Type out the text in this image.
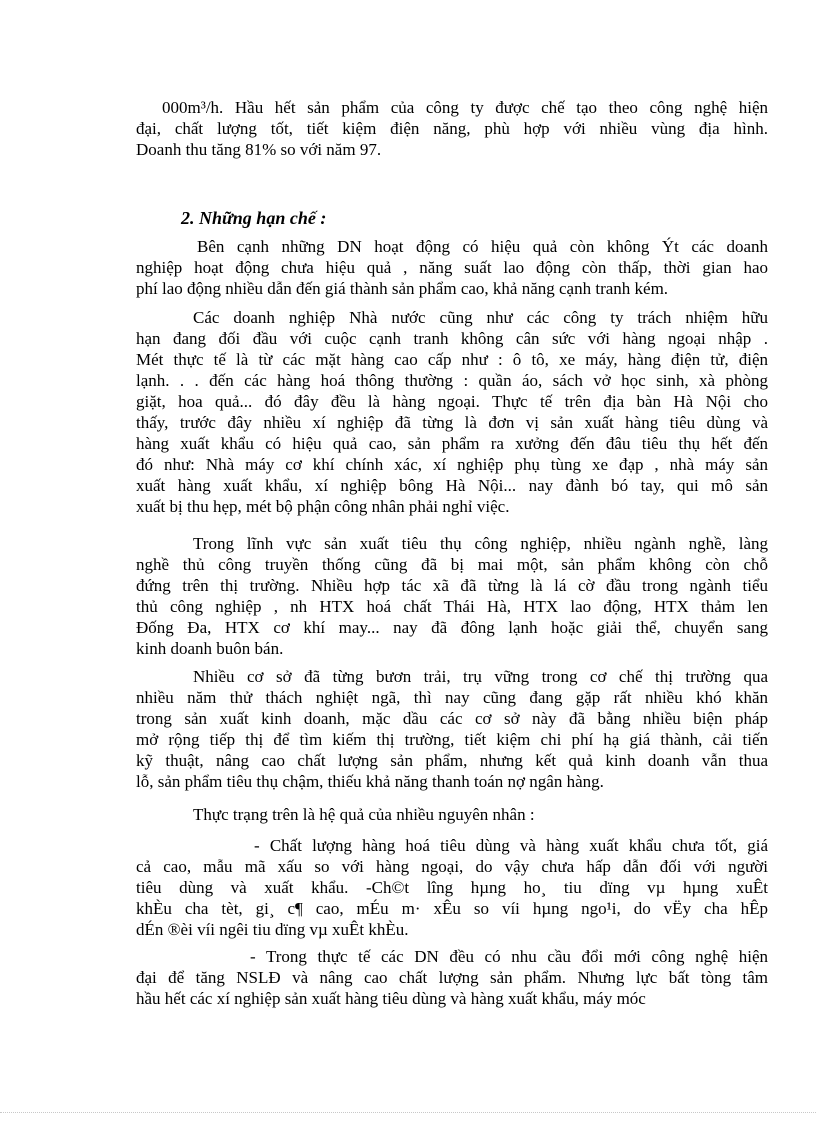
000m³/h. Hầu hết sản phẩm của công ty được chế tạo theo công nghệ hiện
đại, chất lượng tốt, tiết kiệm điện năng, phù hợp với nhiều vùng địa hình.
Doanh thu tăng 81% so với năm 97.
2. Những hạn chế :
Bên cạnh những DN hoạt động có hiệu quả còn không Ýt các doanh
nghiệp hoạt động chưa hiệu quả , năng suất lao động còn thấp, thời gian hao
phí lao động nhiều dẫn đến giá thành sản phẩm cao, khả năng cạnh tranh kém.
Các doanh nghiệp Nhà nước cũng như các công ty trách nhiệm hữu
hạn đang đối đầu với cuộc cạnh tranh không cân sức với hàng ngoại nhập .
Mét thực tế là từ các mặt hàng cao cấp như : ô tô, xe máy, hàng điện tử, điện
lạnh. . . đến các hàng hoá thông thường : quần áo, sách vở học sinh, xà phòng
giặt, hoa quả... đó đây đều là hàng ngoại. Thực tế trên địa bàn Hà Nội cho
thấy, trước đây nhiều xí nghiệp đã từng là đơn vị sản xuất hàng tiêu dùng và
hàng xuất khẩu có hiệu quả cao, sản phẩm ra xưởng đến đâu tiêu thụ hết đến
đó như: Nhà máy cơ khí chính xác, xí nghiệp phụ tùng xe đạp , nhà máy sản
xuất hàng xuất khẩu, xí nghiệp bông Hà Nội... nay đành bó tay, qui mô sản
xuất bị thu hẹp, mét bộ phận công nhân phải nghỉ việc.
Trong lĩnh vực sản xuất tiêu thụ công nghiệp, nhiều ngành nghề, làng
nghề thủ công truyền thống cũng đã bị mai một, sản phẩm không còn chỗ
đứng trên thị trường. Nhiều hợp tác xã đã từng là lá cờ đầu trong ngành tiểu
thủ công nghiệp , nh HTX hoá chất Thái Hà, HTX lao động, HTX thảm len
Đống Đa, HTX cơ khí may... nay đã đông lạnh hoặc giải thể, chuyển sang
kinh doanh buôn bán.
Nhiều cơ sở đã từng bươn trải, trụ vững trong cơ chế thị trường qua
nhiều năm thử thách nghiệt ngã, thì nay cũng đang gặp rất nhiều khó khăn
trong sản xuất kinh doanh, mặc dầu các cơ sở này đã bằng nhiều biện pháp
mở rộng tiếp thị để tìm kiếm thị trường, tiết kiệm chi phí hạ giá thành, cải tiến
kỹ thuật, nâng cao chất lượng sản phẩm, nhưng kết quả kinh doanh vẫn thua
lỗ, sản phẩm tiêu thụ chậm, thiếu khả năng thanh toán nợ ngân hàng.
Thực trạng trên là hệ quả của nhiều nguyên nhân :
- Chất lượng hàng hoá tiêu dùng và hàng xuất khẩu chưa tốt, giá
cả cao, mẫu mã xấu so với hàng ngoại, do vậy chưa hấp dẫn đối với người
tiêu dùng và xuất khẩu. -Ch©t lîng hµng ho¸ tiu dïng vµ hµng xuÊt
khÈu cha tèt, gi¸ c¶ cao, mÉu m· xÊu so víi hµng ngo¹i, do vËy cha hÊp
dÉn ®èi víi ngêi tiu dïng vµ xuÊt khÈu.
- Trong thực tế các DN đều có nhu cầu đổi mới công nghệ hiện
đại để tăng NSLĐ và nâng cao chất lượng sản phẩm. Nhưng lực bất tòng tâm
hầu hết các xí nghiệp sản xuất hàng tiêu dùng và hàng xuất khẩu, máy móc
